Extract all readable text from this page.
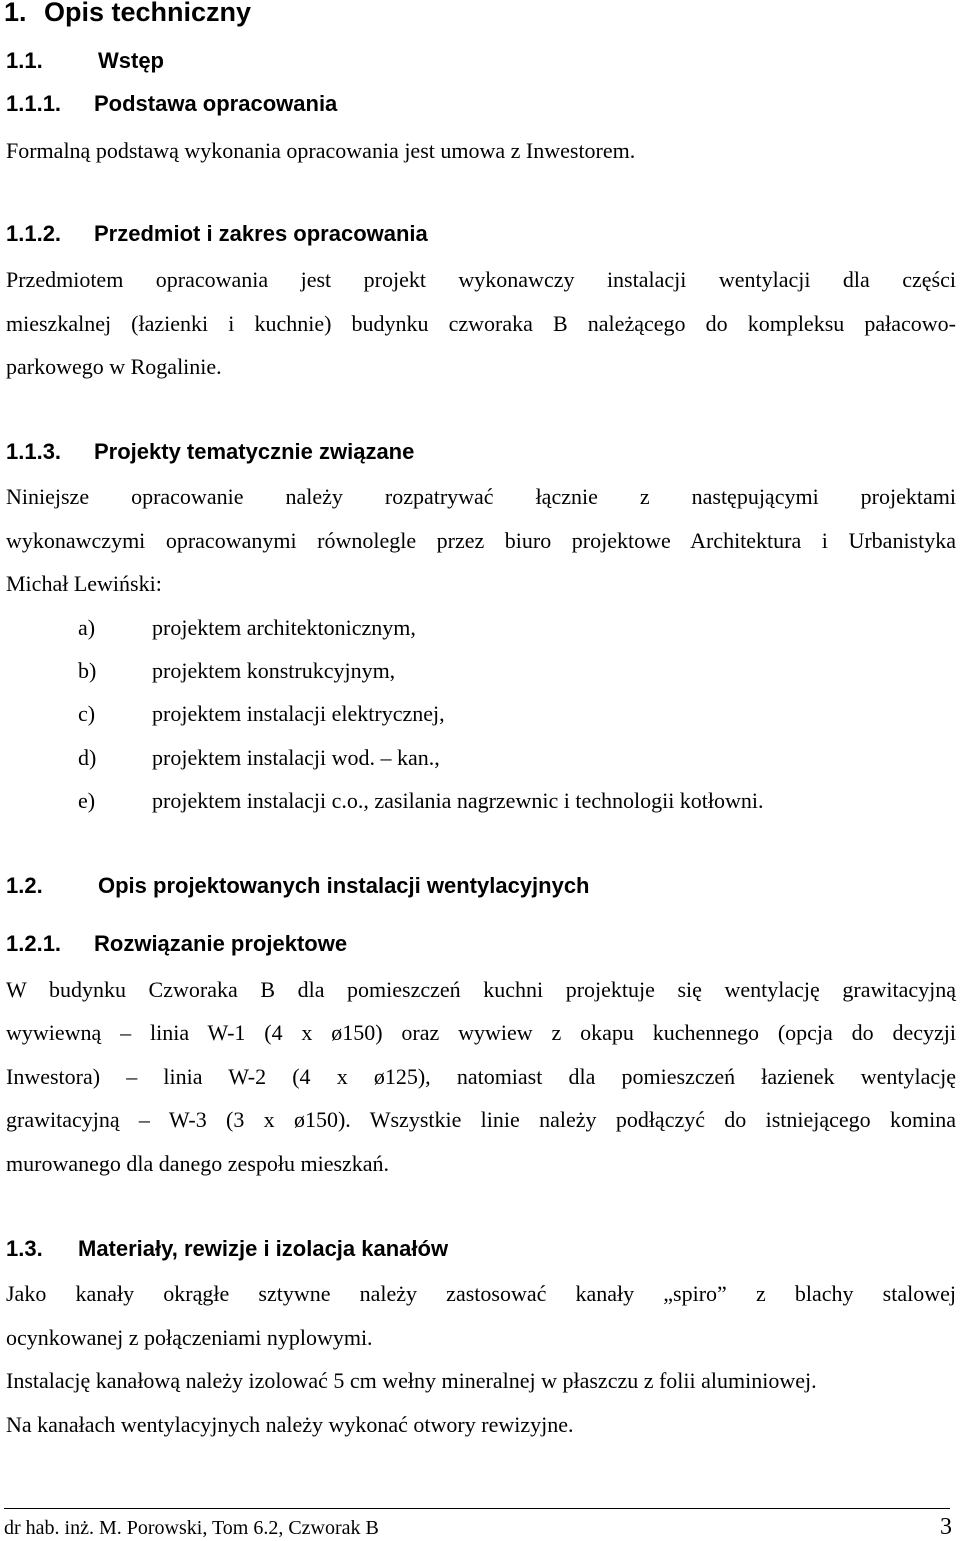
1. Opis techniczny
1.1.	Wstęp
1.1.1. Podstawa opracowania
Formalną podstawą wykonania opracowania jest umowa z Inwestorem.
1.1.2. Przedmiot i zakres opracowania
Przedmiotem opracowania jest projekt wykonawczy instalacji wentylacji dla części
mieszkalnej (łazienki i kuchnie) budynku czworaka B należącego do kompleksu pałacowo-
parkowego w Rogalinie.
1.1.3. Projekty tematycznie związane
Niniejsze opracowanie należy rozpatrywać łącznie z następującymi projektami
wykonawczymi opracowanymi równolegle przez biuro projektowe Architektura i Urbanistyka
Michał Lewiński:
a)	projektem architektonicznym,
b)	projektem konstrukcyjnym,
c)	projektem instalacji elektrycznej,
d)	projektem instalacji wod. – kan.,
e)	projektem instalacji c.o., zasilania nagrzewnic i technologii kotłowni.
1.2.	Opis projektowanych instalacji wentylacyjnych
1.2.1. Rozwiązanie projektowe
W budynku Czworaka B dla pomieszczeń kuchni projektuje się wentylację grawitacyjną
wywiewną – linia W-1 (4 x ø150) oraz wywiew z okapu kuchennego (opcja do decyzji
Inwestora) – linia W-2 (4 x ø125), natomiast dla pomieszczeń łazienek wentylację
grawitacyjną – W-3 (3 x ø150). Wszystkie linie należy podłączyć do istniejącego komina
murowanego dla danego zespołu mieszkań.
1.3. Materiały, rewizje i izolacja kanałów
Jako kanały okrągłe sztywne należy zastosować kanały „spiro” z blachy stalowej
ocynkowanej z połączeniami nyplowymi.
Instalację kanałową należy izolować 5 cm wełny mineralnej w płaszczu z folii aluminiowej.
Na kanałach wentylacyjnych należy wykonać otwory rewizyjne.
dr hab. inż. M. Porowski, Tom 6.2, Czworak B	3
